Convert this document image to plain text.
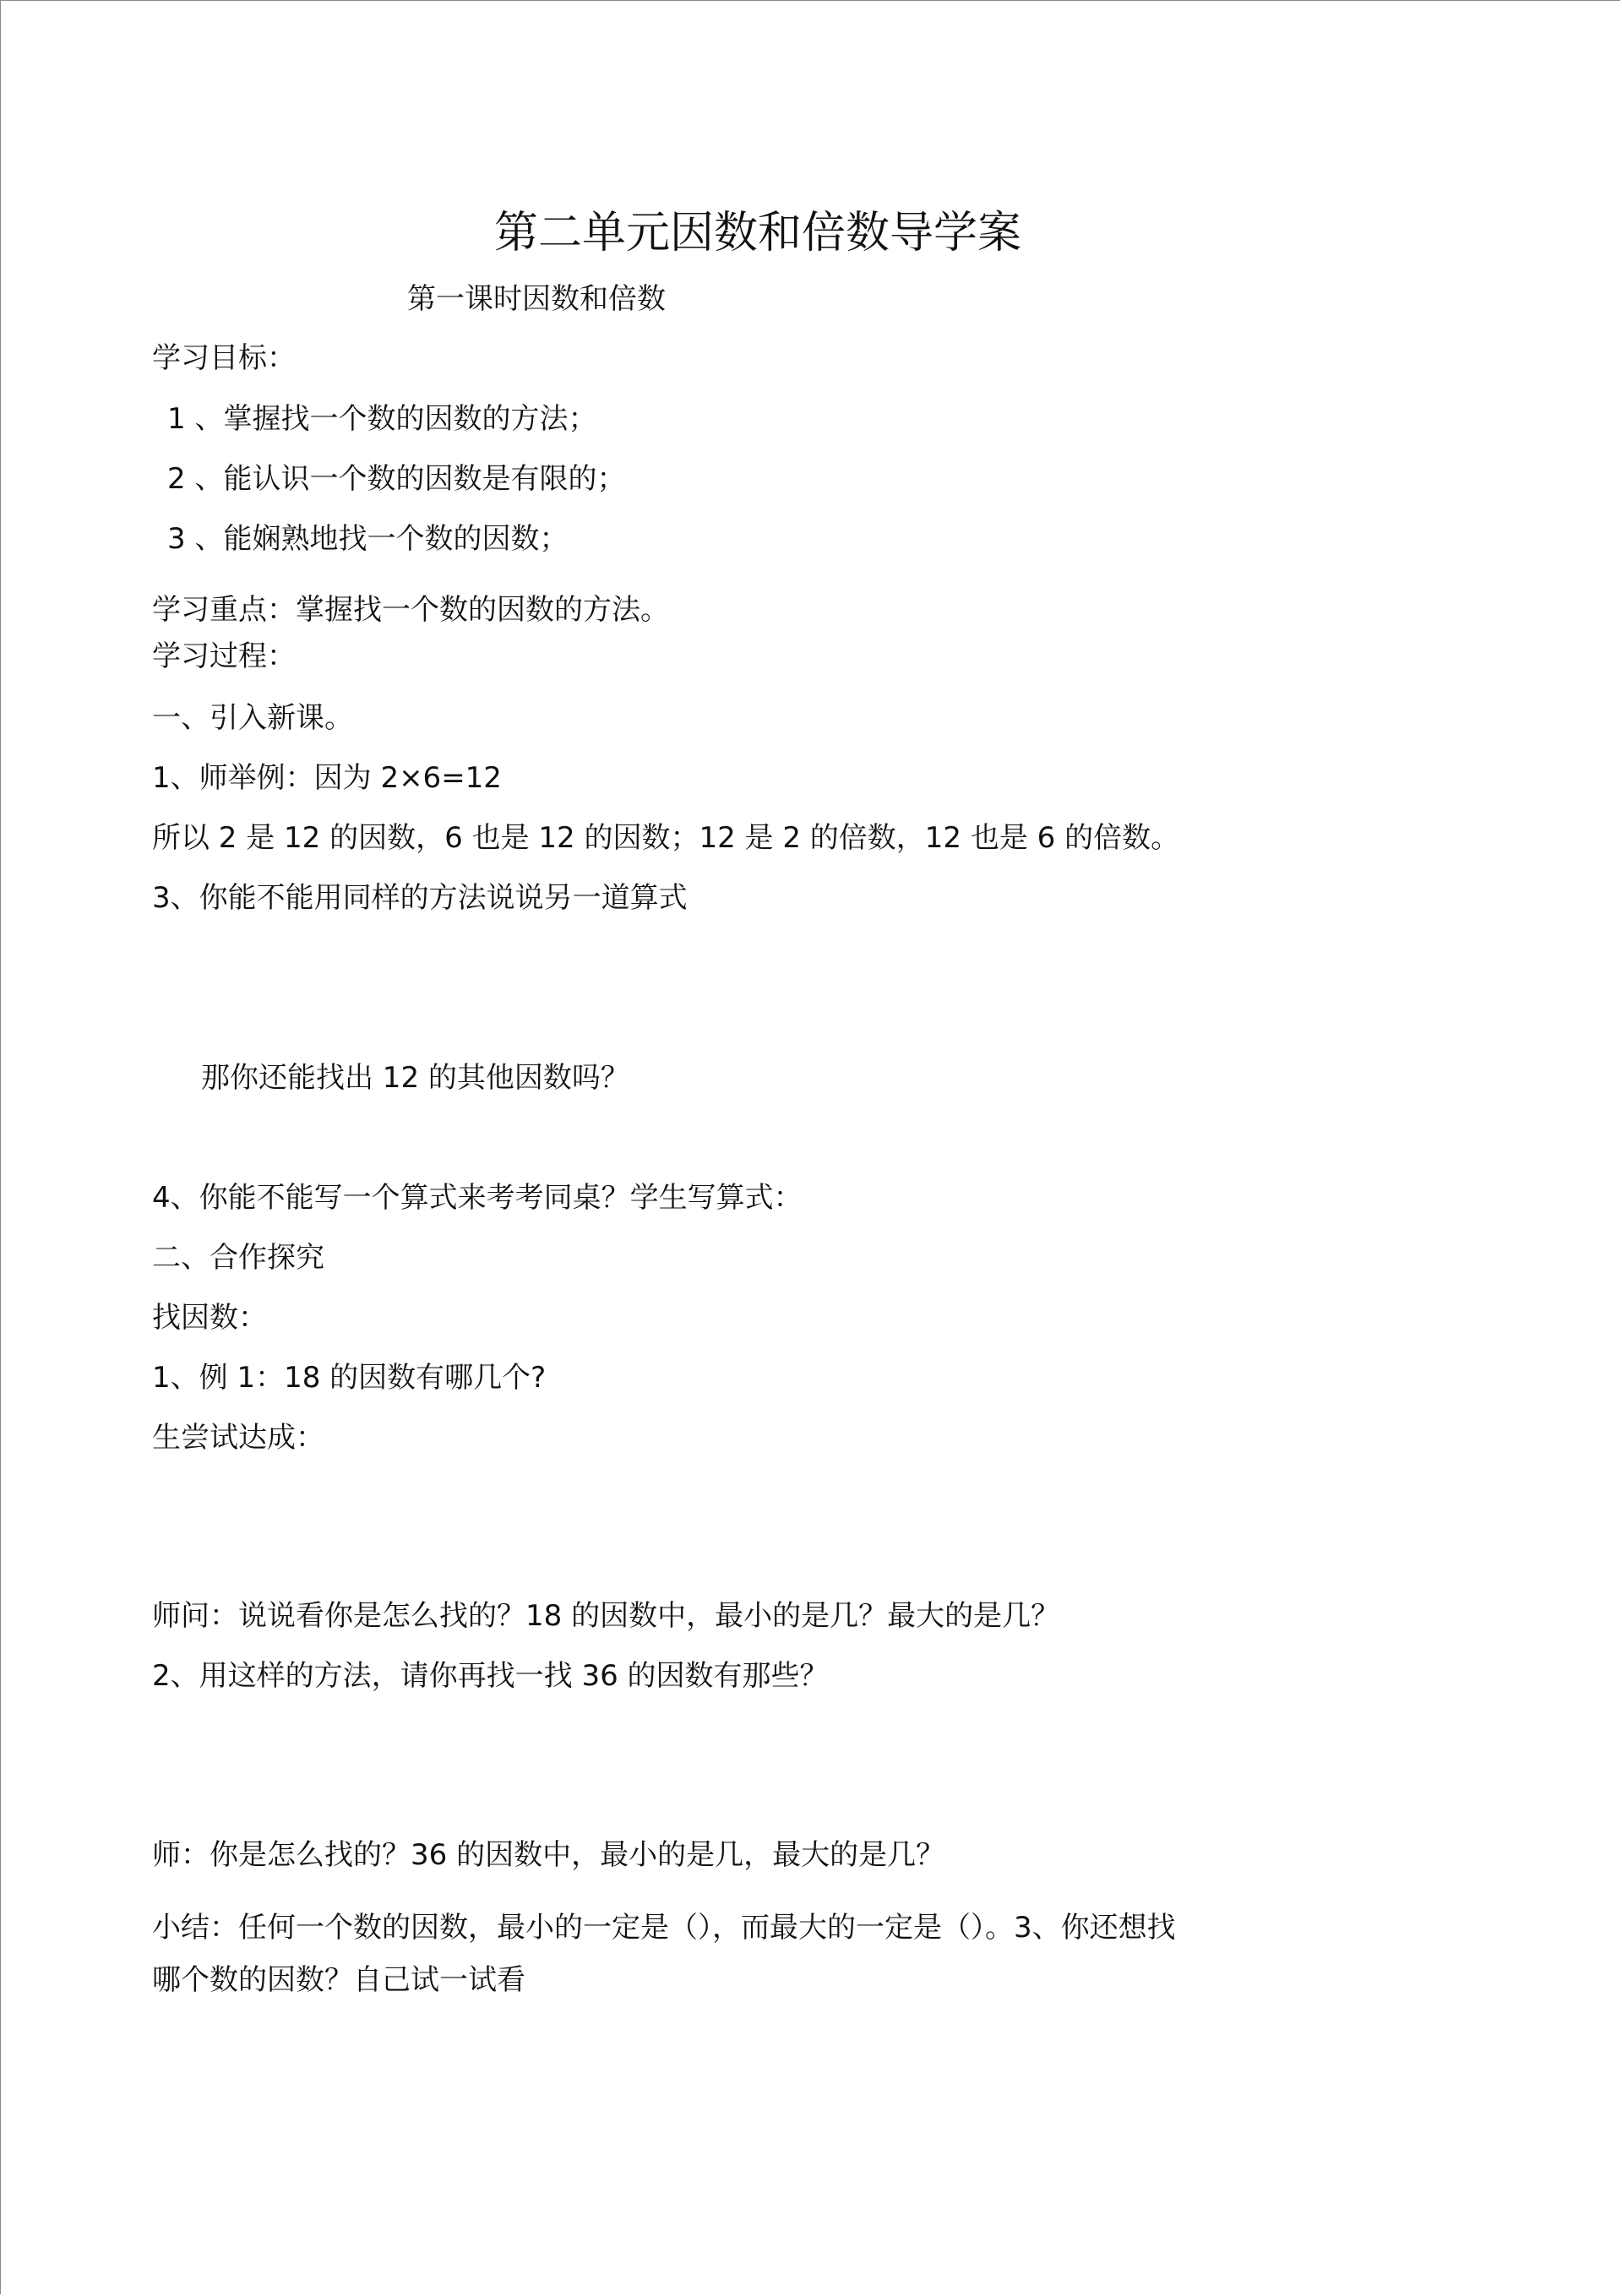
第二单元因数和倍数导学案
第一课时因数和倍数
学习目标：
1 、掌握找一个数的因数的方法；
2 、能认识一个数的因数是有限的；
3 、能娴熟地找一个数的因数；
学习重点：掌握找一个数的因数的方法。
学习过程：
一、引入新课。
1、师举例：因为 2×6=12
所以 2 是 12 的因数，6 也是 12 的因数；12 是 2 的倍数，12 也是 6 的倍数。
3、你能不能用同样的方法说说另一道算式
那你还能找出 12 的其他因数吗？
4、你能不能写一个算式来考考同桌？学生写算式：
二、合作探究
找因数：
1、例 1：18 的因数有哪几个?
生尝试达成：
师问：说说看你是怎么找的？18 的因数中，最小的是几？最大的是几？
2、用这样的方法，请你再找一找 36 的因数有那些？
师：你是怎么找的？36 的因数中，最小的是几，最大的是几？
小结：任何一个数的因数，最小的一定是（），而最大的一定是（）。3、你还想找
哪个数的因数？自己试一试看
